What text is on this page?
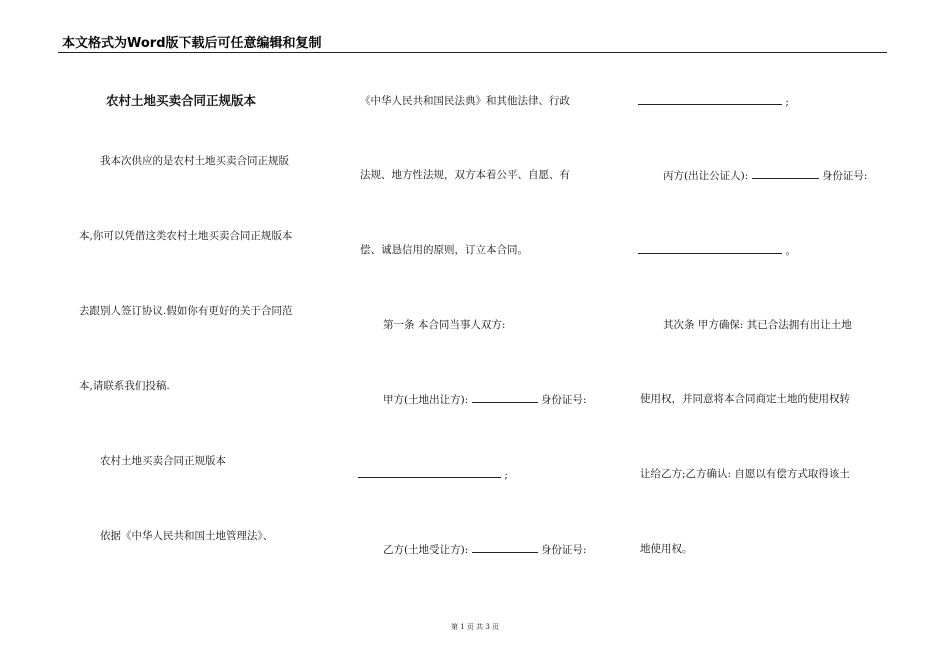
本文格式为Word版下载后可任意编辑和复制
农村土地买卖合同正规版本
我本次供应的是农村土地买卖合同正规版
本,你可以凭借这类农村土地买卖合同正规版本
去跟别人签订协议.假如你有更好的关于合同范
本,请联系我们投稿.
农村土地买卖合同正规版本
依据《中华人民共和国土地管理法》、
《中华人民共和国民法典》和其他法律、行政
法规、地方性法规，双方本着公平、自愿、有
偿、诚恳信用的原则，订立本合同。
第一条 本合同当事人双方:
甲方(土地出让方):	身份证号:
;
乙方(土地受让方):	身份证号:
;
丙方(出让公证人):	身份证号:
。
其次条 甲方确保: 其已合法拥有出让土地
使用权，并同意将本合同商定土地的使用权转
让给乙方;乙方确认: 自愿以有偿方式取得该土
地使用权。
第 1 页 共 3 页
